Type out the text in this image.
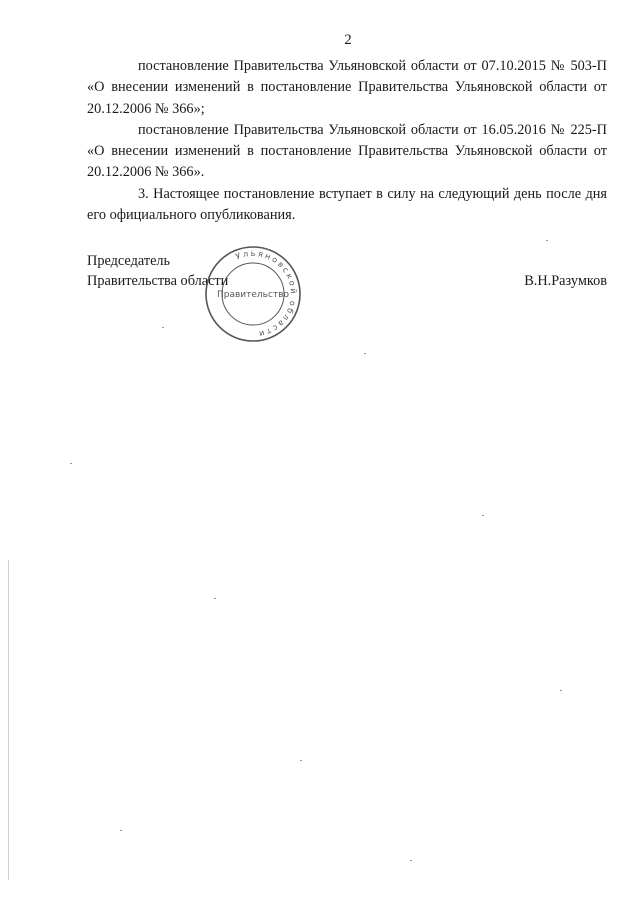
2

постановление Правительства Ульяновской области от 07.10.2015 № 503-П «О внесении изменений в постановление Правительства Ульяновской области от 20.12.2006 № 366»;

постановление Правительства Ульяновской области от 16.05.2016 № 225-П «О внесении изменений в постановление Правительства Ульяновской области от 20.12.2006 № 366».

3. Настоящее постановление вступает в силу на следующий день после дня его официального опубликования.

Председатель
Правительства области	В.Н.Разумков
Ульяновской области
Правительство
